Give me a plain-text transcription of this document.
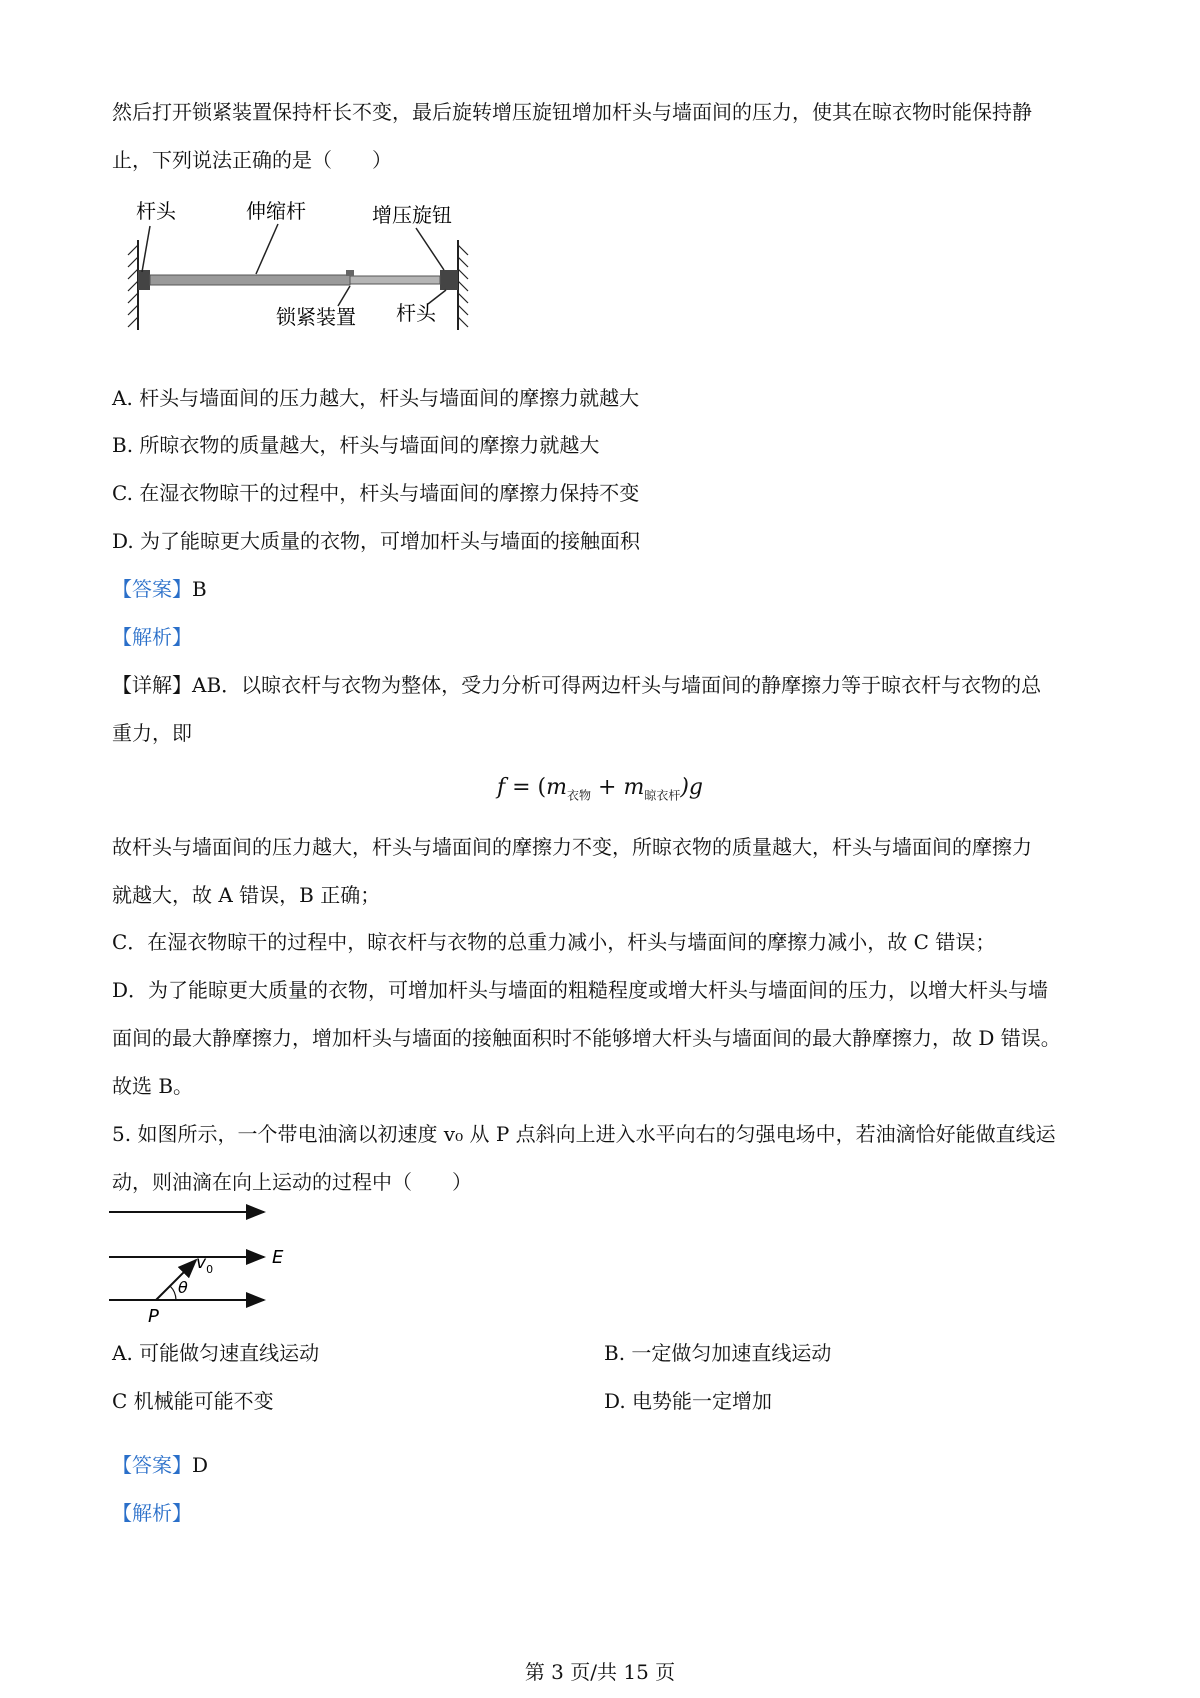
然后打开锁紧装置保持杆长不变，最后旋转增压旋钮增加杆头与墙面间的压力，使其在晾衣物时能保持静
止，下列说法正确的是（　　）
杆头	伸缩杆	增压旋钮
锁紧装置 杆头
A. 杆头与墙面间的压力越大，杆头与墙面间的摩擦力就越大
B. 所晾衣物的质量越大，杆头与墙面间的摩擦力就越大
C. 在湿衣物晾干的过程中，杆头与墙面间的摩擦力保持不变
D. 为了能晾更大质量的衣物，可增加杆头与墙面的接触面积
【答案】B
【解析】
【详解】AB．以晾衣杆与衣物为整体，受力分析可得两边杆头与墙面间的静摩擦力等于晾衣杆与衣物的总
重力，即
$f = (m_{衣物} + m_{晾衣杆})g$
故杆头与墙面间的压力越大，杆头与墙面间的摩擦力不变，所晾衣物的质量越大，杆头与墙面间的摩擦力
就越大，故 A 错误，B 正确；
C．在湿衣物晾干的过程中，晾衣杆与衣物的总重力减小，杆头与墙面间的摩擦力减小，故 C 错误；
D．为了能晾更大质量的衣物，可增加杆头与墙面的粗糙程度或增大杆头与墙面间的压力，以增大杆头与墙
面间的最大静摩擦力，增加杆头与墙面的接触面积时不能够增大杆头与墙面间的最大静摩擦力，故 D 错误。
故选 B。
5. 如图所示，一个带电油滴以初速度 v₀ 从 P 点斜向上进入水平向右的匀强电场中，若油滴恰好能做直线运
动，则油滴在向上运动的过程中（　　）
E
$v_0$
θ
P
A. 可能做匀速直线运动	B. 一定做匀加速直线运动
C 机械能可能不变	D. 电势能一定增加
【答案】D
【解析】
第 3 页/共 15 页
